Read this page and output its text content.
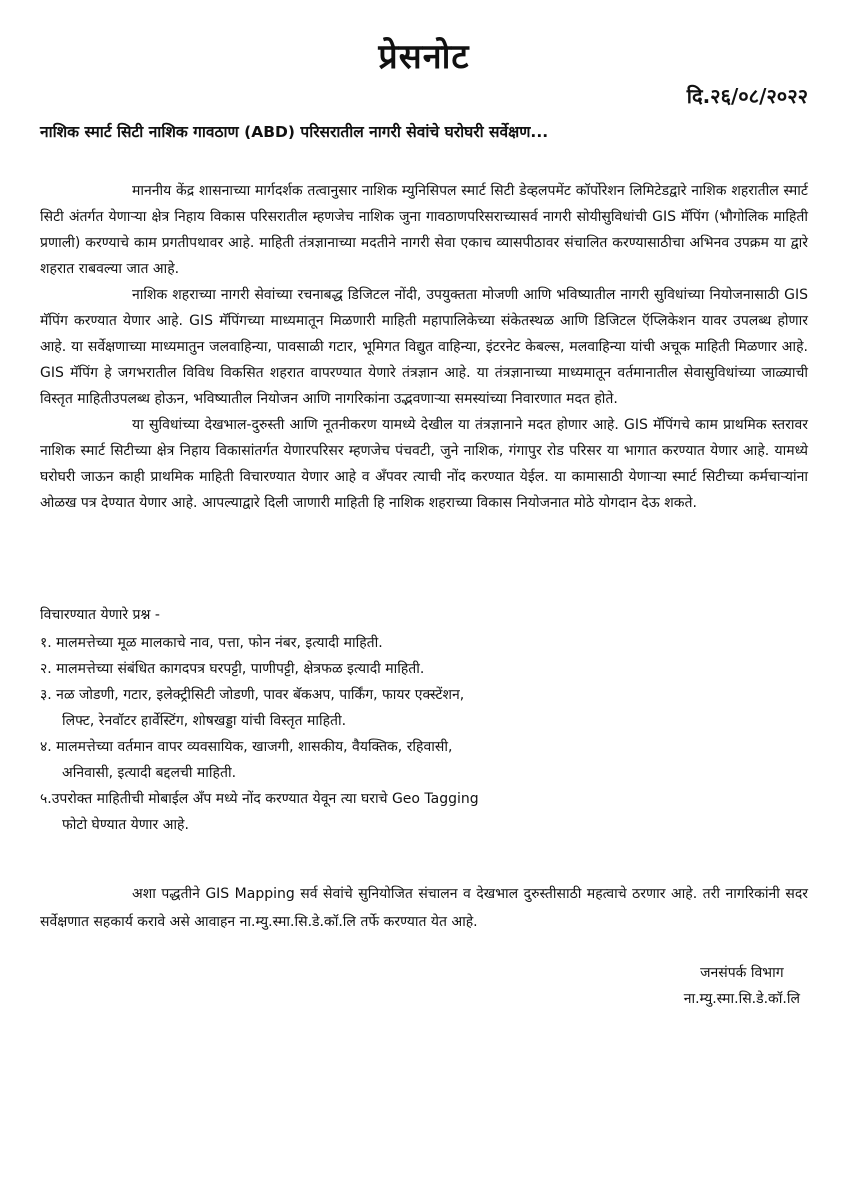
प्रेसनोट
दि.२६/०८/२०२२
नाशिक स्मार्ट सिटी नाशिक गावठाण (ABD) परिसरातील नागरी सेवांचे घरोघरी सर्वेक्षण...

माननीय केंद्र शासनाच्या मार्गदर्शक तत्वानुसार नाशिक म्युनिसिपल स्मार्ट सिटी डेव्हलपमेंट कॉर्पोरेशन लिमिटेडद्वारे नाशिक शहरातील स्मार्ट सिटी अंतर्गत येणाऱ्या क्षेत्र निहाय विकास परिसरातील म्हणजेच नाशिक जुना गावठाणपरिसराच्यासर्व नागरी सोयीसुविधांची GIS मॅपिंग (भौगोलिक माहिती प्रणाली) करण्याचे काम प्रगतीपथावर आहे. माहिती तंत्रज्ञानाच्या मदतीने नागरी सेवा एकाच व्यासपीठावर संचालित करण्यासाठीचा अभिनव उपक्रम या द्वारे शहरात राबवल्या जात आहे.

नाशिक शहराच्या नागरी सेवांच्या रचनाबद्ध डिजिटल नोंदी, उपयुक्तता मोजणी आणि भविष्यातील नागरी सुविधांच्या नियोजनासाठी GIS मॅपिंग करण्यात येणार आहे. GIS मॅपिंगच्या माध्यमातून मिळणारी माहिती महापालिकेच्या संकेतस्थळ आणि डिजिटल ऍप्लिकेशन यावर उपलब्ध होणार आहे. या सर्वेक्षणाच्या माध्यमातुन जलवाहिन्या, पावसाळी गटार, भूमिगत विद्युत वाहिन्या, इंटरनेट केबल्स, मलवाहिन्या यांची अचूक माहिती मिळणार आहे. GIS मॅपिंग हे जगभरातील विविध विकसित शहरात वापरण्यात येणारे तंत्रज्ञान आहे. या तंत्रज्ञानाच्या माध्यमातून वर्तमानातील सेवासुविधांच्या जाळ्याची विस्तृत माहितीउपलब्ध होऊन, भविष्यातील नियोजन आणि नागरिकांना उद्भवणाऱ्या समस्यांच्या निवारणात मदत होते.

या सुविधांच्या देखभाल-दुरुस्ती आणि नूतनीकरण यामध्ये देखील या तंत्रज्ञानाने मदत होणार आहे. GIS मॅपिंगचे काम प्राथमिक स्तरावर नाशिक स्मार्ट सिटीच्या क्षेत्र निहाय विकासांतर्गत येणारपरिसर म्हणजेच पंचवटी, जुने नाशिक, गंगापुर रोड परिसर या भागात करण्यात येणार आहे. यामध्ये घरोघरी जाऊन काही प्राथमिक माहिती विचारण्यात येणार आहे व अँपवर त्याची नोंद करण्यात येईल. या कामासाठी येणाऱ्या स्मार्ट सिटीच्या कर्मचाऱ्यांना ओळख पत्र देण्यात येणार आहे. आपल्याद्वारे दिली जाणारी माहिती हि नाशिक शहराच्या विकास नियोजनात मोठे योगदान देऊ शकते.

विचारण्यात येणारे प्रश्न -

१. मालमत्तेच्या मूळ मालकाचे नाव, पत्ता, फोन नंबर, इत्यादी माहिती.

२. मालमत्तेच्या संबंधित कागदपत्र घरपट्टी, पाणीपट्टी, क्षेत्रफळ इत्यादी माहिती.

३. नळ जोडणी, गटार, इलेक्ट्रीसिटी जोडणी, पावर बॅकअप, पार्किंग, फायर एक्स्टेंशन,

लिफ्ट, रेनवॉटर हार्वेस्टिंग, शोषखड्डा यांची विस्तृत माहिती.

४. मालमत्तेच्या वर्तमान वापर व्यवसायिक, खाजगी, शासकीय, वैयक्तिक, रहिवासी,

अनिवासी, इत्यादी बद्दलची माहिती.

५.उपरोक्त माहितीची मोबाईल अँप मध्ये नोंद करण्यात येवून त्या घराचे Geo Tagging

फोटो घेण्यात येणार आहे.

अशा पद्धतीने GIS Mapping सर्व सेवांचे सुनियोजित संचालन व देखभाल दुरुस्तीसाठी महत्वाचे ठरणार आहे. तरी नागरिकांनी सदर सर्वेक्षणात सहकार्य करावे असे आवाहन ना.म्यु.स्मा.सि.डे.कॉ.लि तर्फे करण्यात येत आहे.

जनसंपर्क विभाग
ना.म्यु.स्मा.सि.डे.कॉ.लि
